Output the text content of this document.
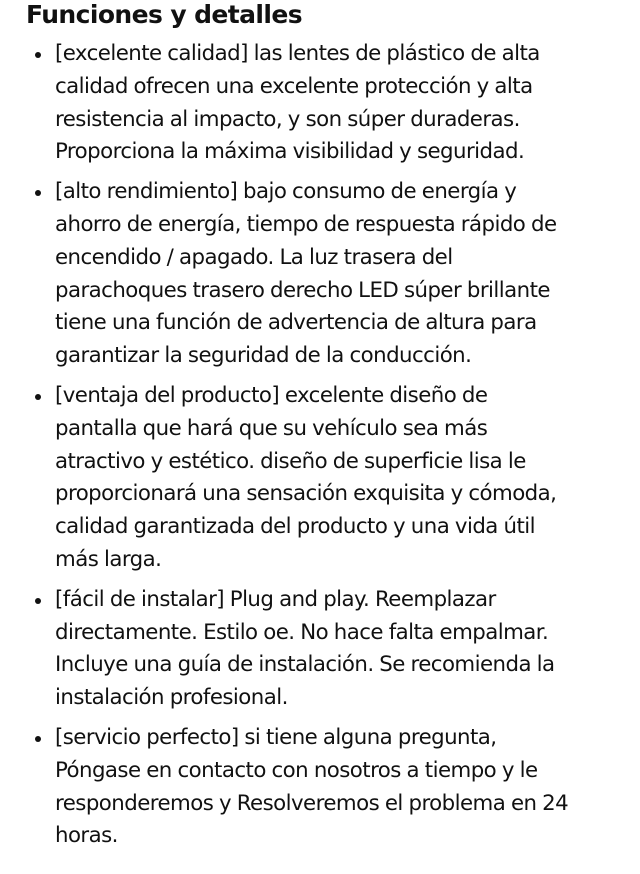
Funciones y detalles
[excelente calidad] las lentes de plástico de alta
calidad ofrecen una excelente protección y alta
resistencia al impacto, y son súper duraderas.
Proporciona la máxima visibilidad y seguridad.
[alto rendimiento] bajo consumo de energía y
ahorro de energía, tiempo de respuesta rápido de
encendido / apagado. La luz trasera del
parachoques trasero derecho LED súper brillante
tiene una función de advertencia de altura para
garantizar la seguridad de la conducción.
[ventaja del producto] excelente diseño de
pantalla que hará que su vehículo sea más
atractivo y estético. diseño de superficie lisa le
proporcionará una sensación exquisita y cómoda,
calidad garantizada del producto y una vida útil
más larga.
[fácil de instalar] Plug and play. Reemplazar
directamente. Estilo oe. No hace falta empalmar.
Incluye una guía de instalación. Se recomienda la
instalación profesional.
[servicio perfecto] si tiene alguna pregunta,
Póngase en contacto con nosotros a tiempo y le
responderemos y Resolveremos el problema en 24
horas.
